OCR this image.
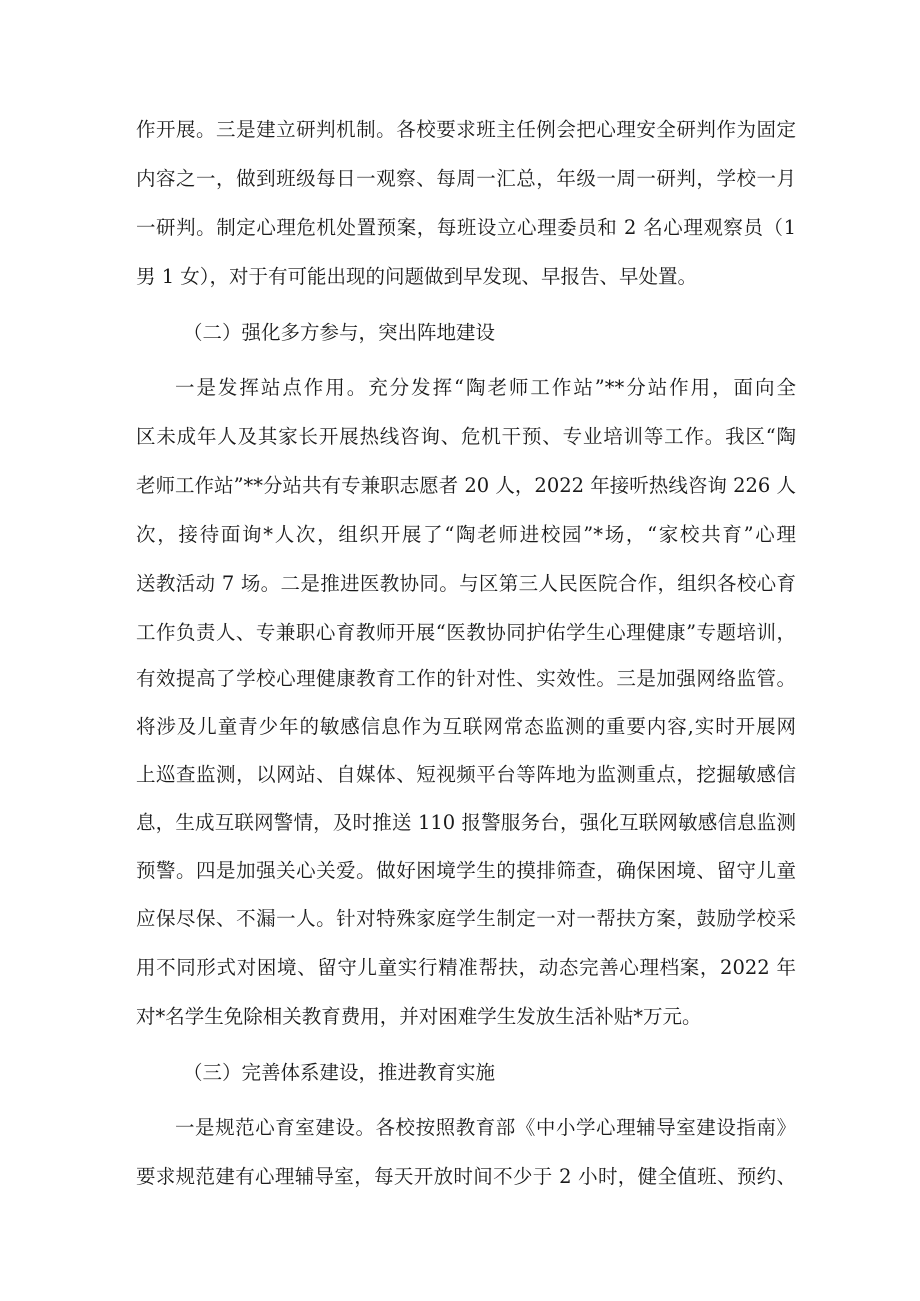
作开展。三是建立研判机制。各校要求班主任例会把心理安全研判作为固定
内容之一，做到班级每日一观察、每周一汇总，年级一周一研判，学校一月
一研判。制定心理危机处置预案，每班设立心理委员和 2 名心理观察员（1
男 1 女），对于有可能出现的问题做到早发现、早报告、早处置。
（二）强化多方参与，突出阵地建设
一是发挥站点作用。充分发挥“陶老师工作站”**分站作用，面向全
区未成年人及其家长开展热线咨询、危机干预、专业培训等工作。我区“陶
老师工作站”**分站共有专兼职志愿者 20 人，2022 年接听热线咨询 226 人
次，接待面询*人次，组织开展了“陶老师进校园”*场，“家校共育”心理
送教活动 7 场。二是推进医教协同。与区第三人民医院合作，组织各校心育
工作负责人、专兼职心育教师开展“医教协同护佑学生心理健康”专题培训，
有效提高了学校心理健康教育工作的针对性、实效性。三是加强网络监管。
将涉及儿童青少年的敏感信息作为互联网常态监测的重要内容,实时开展网
上巡查监测，以网站、自媒体、短视频平台等阵地为监测重点，挖掘敏感信
息，生成互联网警情，及时推送 110 报警服务台，强化互联网敏感信息监测
预警。四是加强关心关爱。做好困境学生的摸排筛查，确保困境、留守儿童
应保尽保、不漏一人。针对特殊家庭学生制定一对一帮扶方案，鼓励学校采
用不同形式对困境、留守儿童实行精准帮扶，动态完善心理档案，2022 年
对*名学生免除相关教育费用，并对困难学生发放生活补贴*万元。
（三）完善体系建设，推进教育实施
一是规范心育室建设。各校按照教育部《中小学心理辅导室建设指南》
要求规范建有心理辅导室，每天开放时间不少于 2 小时，健全值班、预约、
